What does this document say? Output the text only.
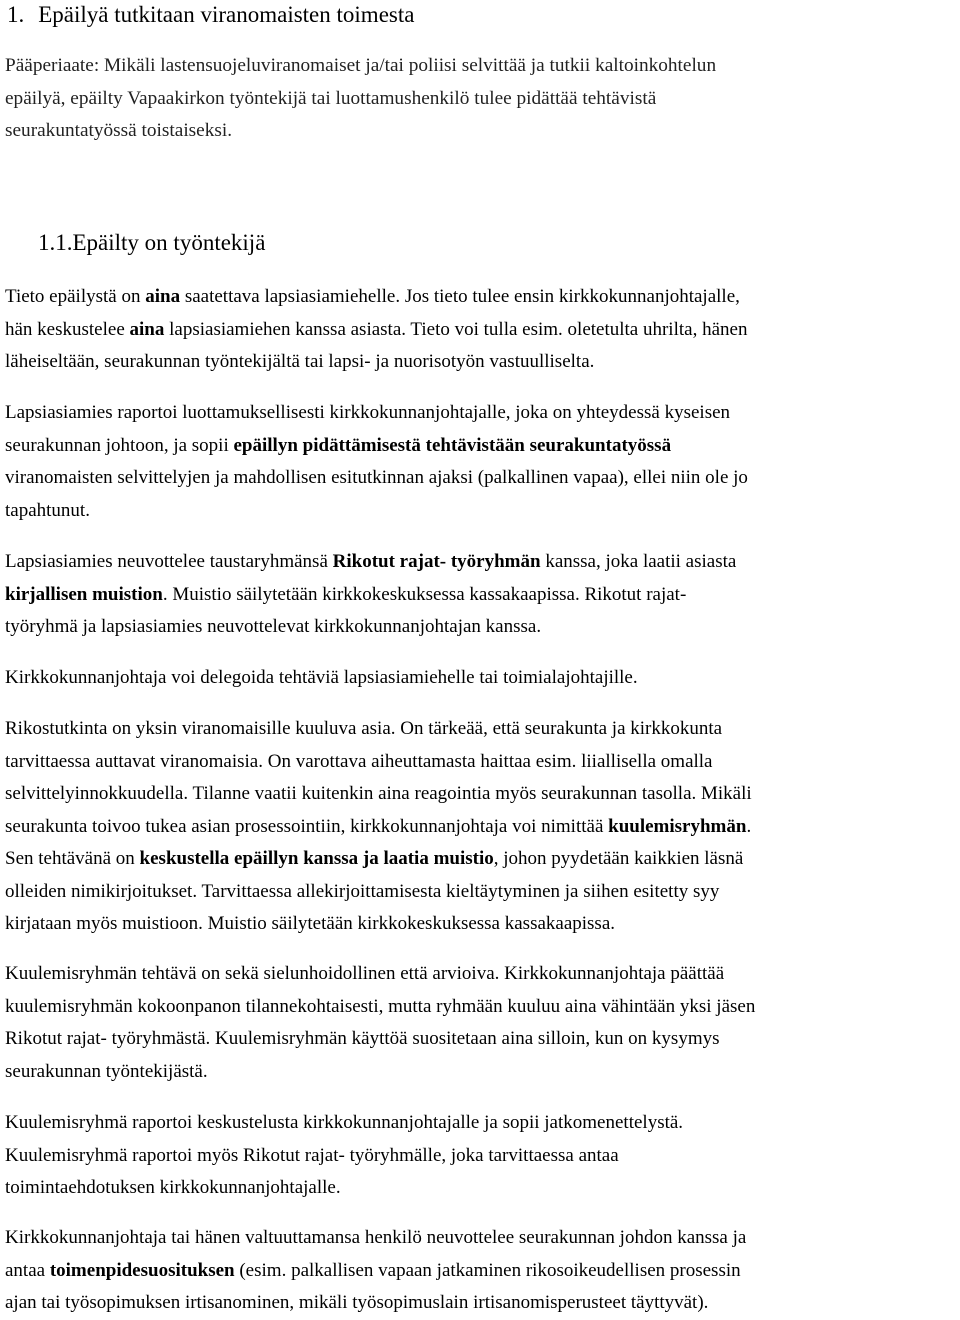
1. Epäilyä tutkitaan viranomaisten toimesta

Pääperiaate: Mikäli lastensuojeluviranomaiset ja/tai poliisi selvittää ja tutkii kaltoinkohtelun
epäilyä, epäilty Vapaakirkon työntekijä tai luottamushenkilö tulee pidättää tehtävistä
seurakuntatyössä toistaiseksi.

1.1.Epäilty on työntekijä

Tieto epäilystä on aina saatettava lapsiasiamiehelle. Jos tieto tulee ensin kirkkokunnanjohtajalle,
hän keskustelee aina lapsiasiamiehen kanssa asiasta. Tieto voi tulla esim. oletetulta uhrilta, hänen
läheiseltään, seurakunnan työntekijältä tai lapsi- ja nuorisotyön vastuulliselta.

Lapsiasiamies raportoi luottamuksellisesti kirkkokunnanjohtajalle, joka on yhteydessä kyseisen
seurakunnan johtoon, ja sopii epäillyn pidättämisestä tehtävistään seurakuntatyössä
viranomaisten selvittelyjen ja mahdollisen esitutkinnan ajaksi (palkallinen vapaa), ellei niin ole jo
tapahtunut.

Lapsiasiamies neuvottelee taustaryhmänsä Rikotut rajat- työryhmän kanssa, joka laatii asiasta
kirjallisen muistion. Muistio säilytetään kirkkokeskuksessa kassakaapissa. Rikotut rajat-
työryhmä ja lapsiasiamies neuvottelevat kirkkokunnanjohtajan kanssa.

Kirkkokunnanjohtaja voi delegoida tehtäviä lapsiasiamiehelle tai toimialajohtajille.

Rikostutkinta on yksin viranomaisille kuuluva asia. On tärkeää, että seurakunta ja kirkkokunta
tarvittaessa auttavat viranomaisia. On varottava aiheuttamasta haittaa esim. liiallisella omalla
selvittelyinnokkuudella. Tilanne vaatii kuitenkin aina reagointia myös seurakunnan tasolla. Mikäli
seurakunta toivoo tukea asian prosessointiin, kirkkokunnanjohtaja voi nimittää kuulemisryhmän.
Sen tehtävänä on keskustella epäillyn kanssa ja laatia muistio, johon pyydetään kaikkien läsnä
olleiden nimikirjoitukset. Tarvittaessa allekirjoittamisesta kieltäytyminen ja siihen esitetty syy
kirjataan myös muistioon. Muistio säilytetään kirkkokeskuksessa kassakaapissa.

Kuulemisryhmän tehtävä on sekä sielunhoidollinen että arvioiva. Kirkkokunnanjohtaja päättää
kuulemisryhmän kokoonpanon tilannekohtaisesti, mutta ryhmään kuuluu aina vähintään yksi jäsen
Rikotut rajat- työryhmästä. Kuulemisryhmän käyttöä suositetaan aina silloin, kun on kysymys
seurakunnan työntekijästä.

Kuulemisryhmä raportoi keskustelusta kirkkokunnanjohtajalle ja sopii jatkomenettelystä.
Kuulemisryhmä raportoi myös Rikotut rajat- työryhmälle, joka tarvittaessa antaa
toimintaehdotuksen kirkkokunnanjohtajalle.

Kirkkokunnanjohtaja tai hänen valtuuttamansa henkilö neuvottelee seurakunnan johdon kanssa ja
antaa toimenpidesuosituksen (esim. palkallisen vapaan jatkaminen rikosoikeudellisen prosessin
ajan tai työsopimuksen irtisanominen, mikäli työsopimuslain irtisanomisperusteet täyttyvät).
